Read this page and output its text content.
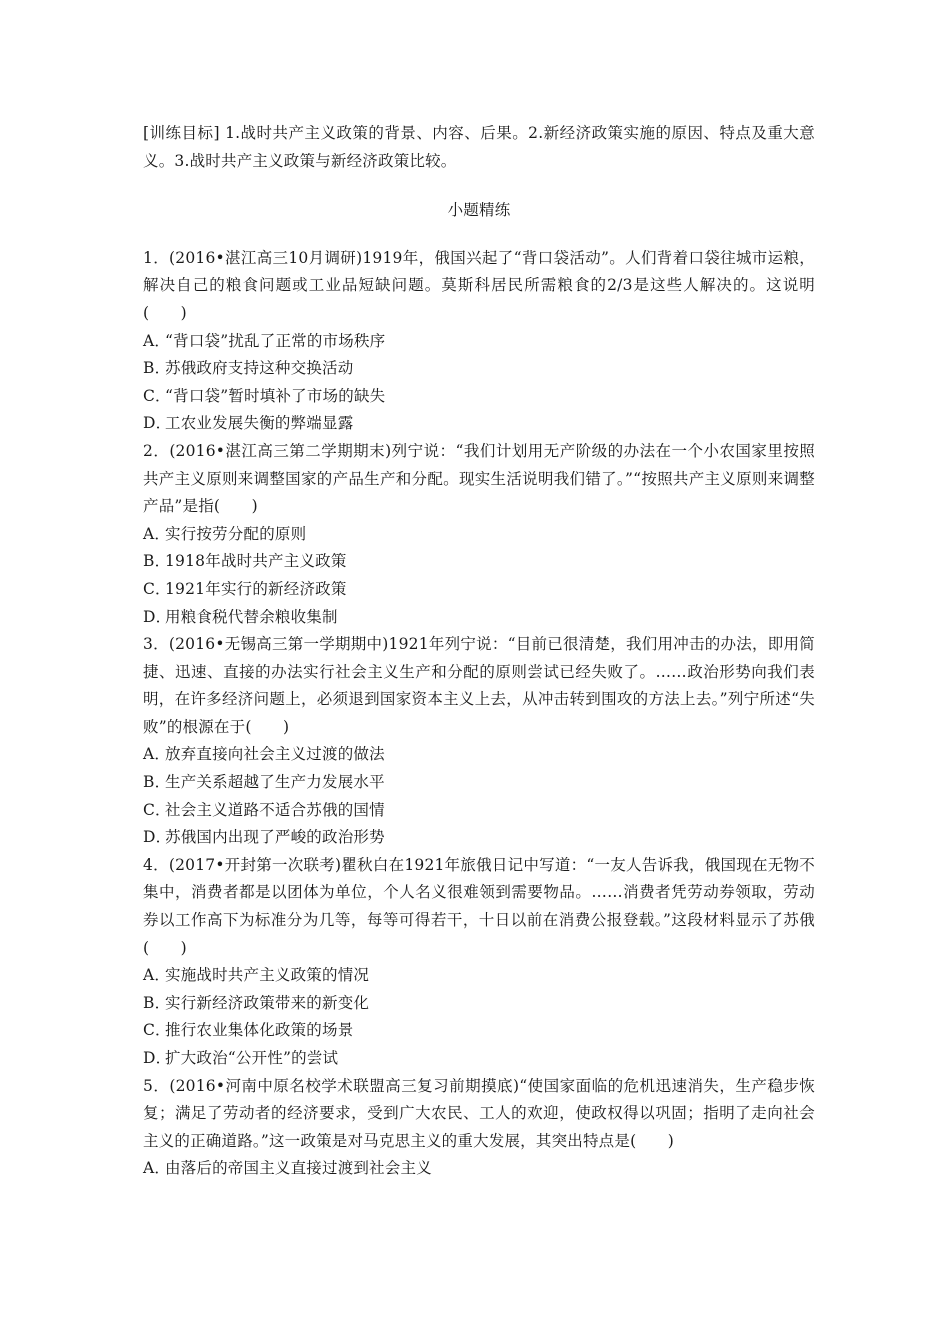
[训练目标] 1.战时共产主义政策的背景、内容、后果。2.新经济政策实施的原因、特点及重大意义。3.战时共产主义政策与新经济政策比较。

小题精练

1．(2016•湛江高三10月调研)1919年，俄国兴起了“背口袋活动”。人们背着口袋往城市运粮，解决自己的粮食问题或工业品短缺问题。莫斯科居民所需粮食的2/3是这些人解决的。这说明(　　)

A．
“背口袋”扰乱了正常的市场秩序
B．
苏俄政府支持这种交换活动
C．
“背口袋”暂时填补了市场的缺失
D．
工农业发展失衡的弊端显露

2．(2016•湛江高三第二学期期末)列宁说：“我们计划用无产阶级的办法在一个小农国家里按照共产主义原则来调整国家的产品生产和分配。现实生活说明我们错了。”“按照共产主义原则来调整产品”是指(　　)

A．
实行按劳分配的原则
B．
1918年战时共产主义政策
C．
1921年实行的新经济政策
D．
用粮食税代替余粮收集制

3．(2016•无锡高三第一学期期中)1921年列宁说：“目前已很清楚，我们用冲击的办法，即用简捷、迅速、直接的办法实行社会主义生产和分配的原则尝试已经失败了。……政治形势向我们表明，在许多经济问题上，必须退到国家资本主义上去，从冲击转到围攻的方法上去。”列宁所述“失败”的根源在于(　　)

A．
放弃直接向社会主义过渡的做法
B．
生产关系超越了生产力发展水平
C．
社会主义道路不适合苏俄的国情
D．
苏俄国内出现了严峻的政治形势

4．(2017•开封第一次联考)瞿秋白在1921年旅俄日记中写道：“一友人告诉我，俄国现在无物不集中，消费者都是以团体为单位，个人名义很难领到需要物品。……消费者凭劳动券领取，劳动券以工作高下为标准分为几等，每等可得若干，十日以前在消费公报登载。”这段材料显示了苏俄(　　)

A．
实施战时共产主义政策的情况
B．
实行新经济政策带来的新变化
C．
推行农业集体化政策的场景
D．
扩大政治“公开性”的尝试

5．(2016•河南中原名校学术联盟高三复习前期摸底)“使国家面临的危机迅速消失，生产稳步恢复；满足了劳动者的经济要求，受到广大农民、工人的欢迎，使政权得以巩固；指明了走向社会主义的正确道路。”这一政策是对马克思主义的重大发展，其突出特点是(　　)

A．
由落后的帝国主义直接过渡到社会主义
